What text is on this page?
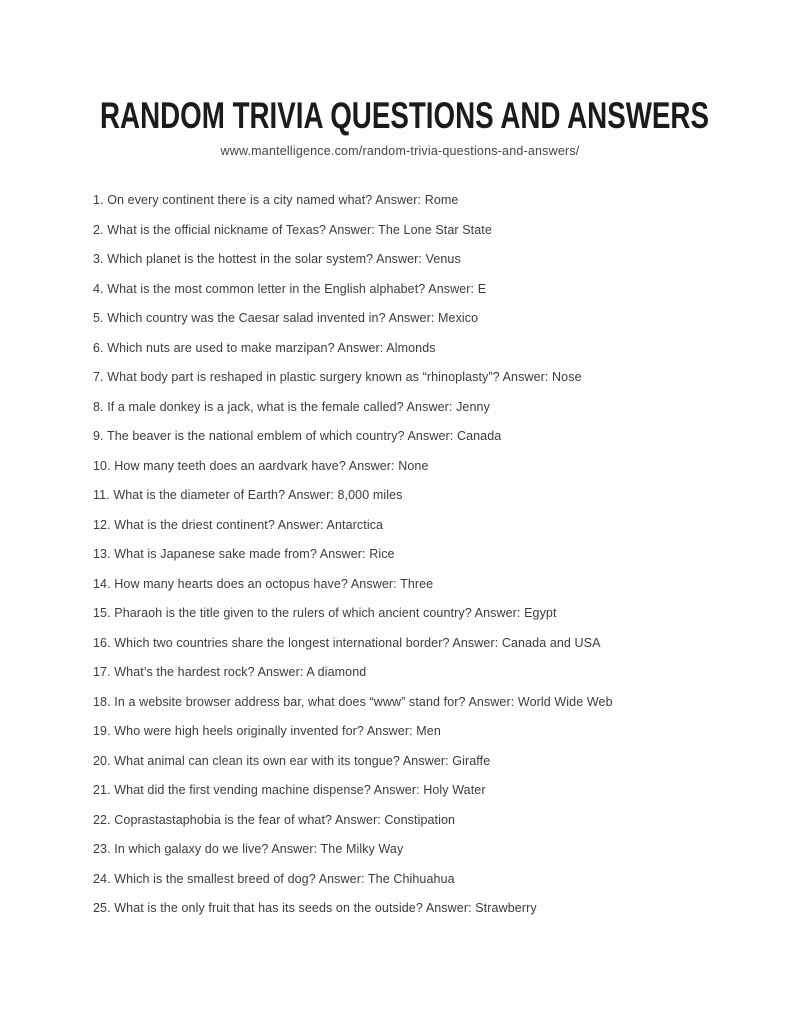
RANDOM TRIVIA QUESTIONS AND ANSWERS
www.mantelligence.com/random-trivia-questions-and-answers/

1. On every continent there is a city named what? Answer: Rome

2. What is the official nickname of Texas? Answer: The Lone Star State

3. Which planet is the hottest in the solar system? Answer: Venus

4. What is the most common letter in the English alphabet? Answer: E

5. Which country was the Caesar salad invented in? Answer: Mexico

6. Which nuts are used to make marzipan? Answer: Almonds

7. What body part is reshaped in plastic surgery known as “rhinoplasty”? Answer: Nose

8. If a male donkey is a jack, what is the female called? Answer: Jenny

9. The beaver is the national emblem of which country? Answer: Canada

10. How many teeth does an aardvark have? Answer: None

11. What is the diameter of Earth? Answer: 8,000 miles

12. What is the driest continent? Answer: Antarctica

13. What is Japanese sake made from? Answer: Rice

14. How many hearts does an octopus have? Answer: Three

15. Pharaoh is the title given to the rulers of which ancient country? Answer: Egypt

16. Which two countries share the longest international border? Answer: Canada and USA

17. What’s the hardest rock? Answer: A diamond

18. In a website browser address bar, what does “www” stand for? Answer: World Wide Web

19. Who were high heels originally invented for? Answer: Men

20. What animal can clean its own ear with its tongue? Answer: Giraffe

21. What did the first vending machine dispense? Answer: Holy Water

22. Coprastastaphobia is the fear of what? Answer: Constipation

23. In which galaxy do we live? Answer: The Milky Way

24. Which is the smallest breed of dog? Answer: The Chihuahua

25. What is the only fruit that has its seeds on the outside? Answer: Strawberry
